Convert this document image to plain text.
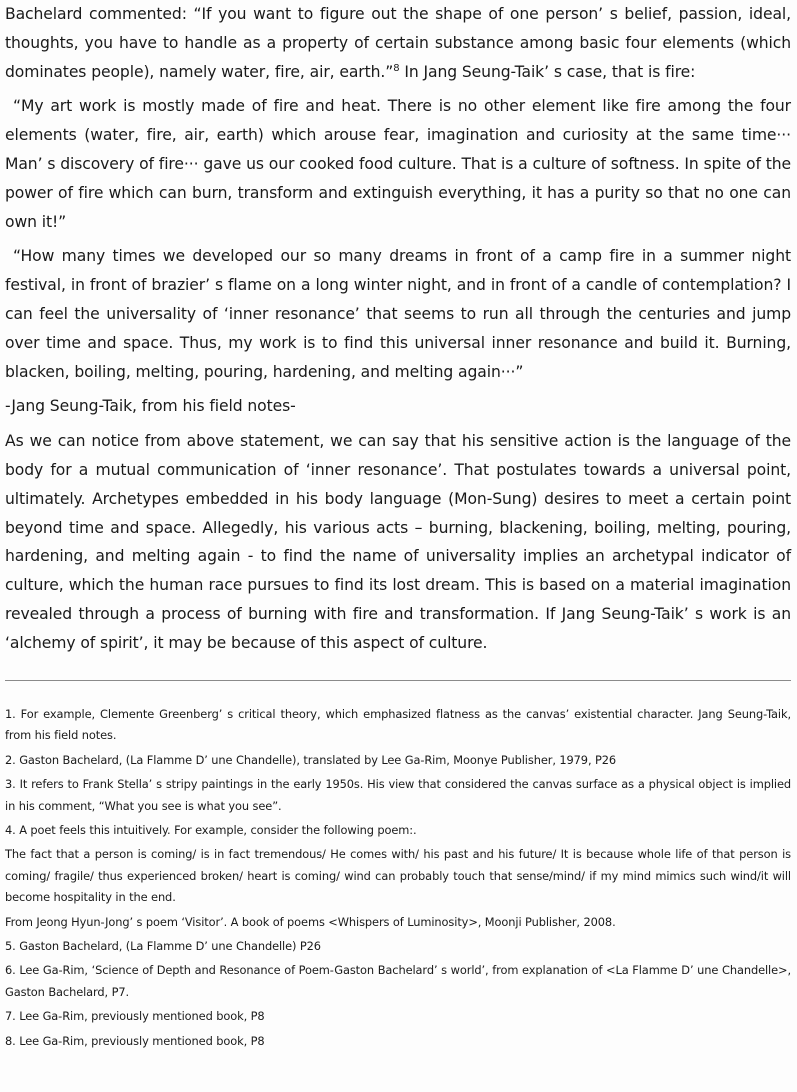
Bachelard commented: “If you want to figure out the shape of one person’ s belief, passion, ideal, thoughts, you have to handle as a property of certain substance among basic four elements (which dominates people), namely water, fire, air, earth.”$^8$ In Jang Seung-Taik’ s case, that is fire:

“My art work is mostly made of fire and heat. There is no other element like fire among the four elements (water, fire, air, earth) which arouse fear, imagination and curiosity at the same time··· Man’ s discovery of fire··· gave us our cooked food culture. That is a culture of softness. In spite of the power of fire which can burn, transform and extinguish everything, it has a purity so that no one can own it!”

“How many times we developed our so many dreams in front of a camp fire in a summer night festival, in front of brazier’ s flame on a long winter night, and in front of a candle of contemplation? I can feel the universality of ‘inner resonance’ that seems to run all through the centuries and jump over time and space. Thus, my work is to find this universal inner resonance and build it. Burning, blacken, boiling, melting, pouring, hardening, and melting again···”

-Jang Seung-Taik, from his field notes-

As we can notice from above statement, we can say that his sensitive action is the language of the body for a mutual communication of ‘inner resonance’. That postulates towards a universal point, ultimately. Archetypes embedded in his body language (Mon-Sung) desires to meet a certain point beyond time and space. Allegedly, his various acts – burning, blackening, boiling, melting, pouring, hardening, and melting again - to find the name of universality implies an archetypal indicator of culture, which the human race pursues to find its lost dream. This is based on a material imagination revealed through a process of burning with fire and transformation. If Jang Seung-Taik’ s work is an ‘alchemy of spirit’, it may be because of this aspect of culture.

1. For example, Clemente Greenberg’ s critical theory, which emphasized flatness as the canvas’ existential character. Jang Seung-Taik, from his field notes.

2. Gaston Bachelard, (La Flamme D’ une Chandelle), translated by Lee Ga-Rim, Moonye Publisher, 1979, P26

3. It refers to Frank Stella’ s stripy paintings in the early 1950s. His view that considered the canvas surface as a physical object is implied in his comment, “What you see is what you see”.

4. A poet feels this intuitively. For example, consider the following poem:.

The fact that a person is coming/ is in fact tremendous/ He comes with/ his past and his future/ It is because whole life of that person is coming/ fragile/ thus experienced broken/ heart is coming/ wind can probably touch that sense/mind/ if my mind mimics such wind/it will become hospitality in the end.

From Jeong Hyun-Jong’ s poem ‘Visitor’. A book of poems <Whispers of Luminosity>, Moonji Publisher, 2008.

5. Gaston Bachelard, (La Flamme D’ une Chandelle) P26

6. Lee Ga-Rim, ‘Science of Depth and Resonance of Poem-Gaston Bachelard’ s world’, from explanation of <La Flamme D’ une Chandelle>, Gaston Bachelard, P7.

7. Lee Ga-Rim, previously mentioned book, P8

8. Lee Ga-Rim, previously mentioned book, P8
